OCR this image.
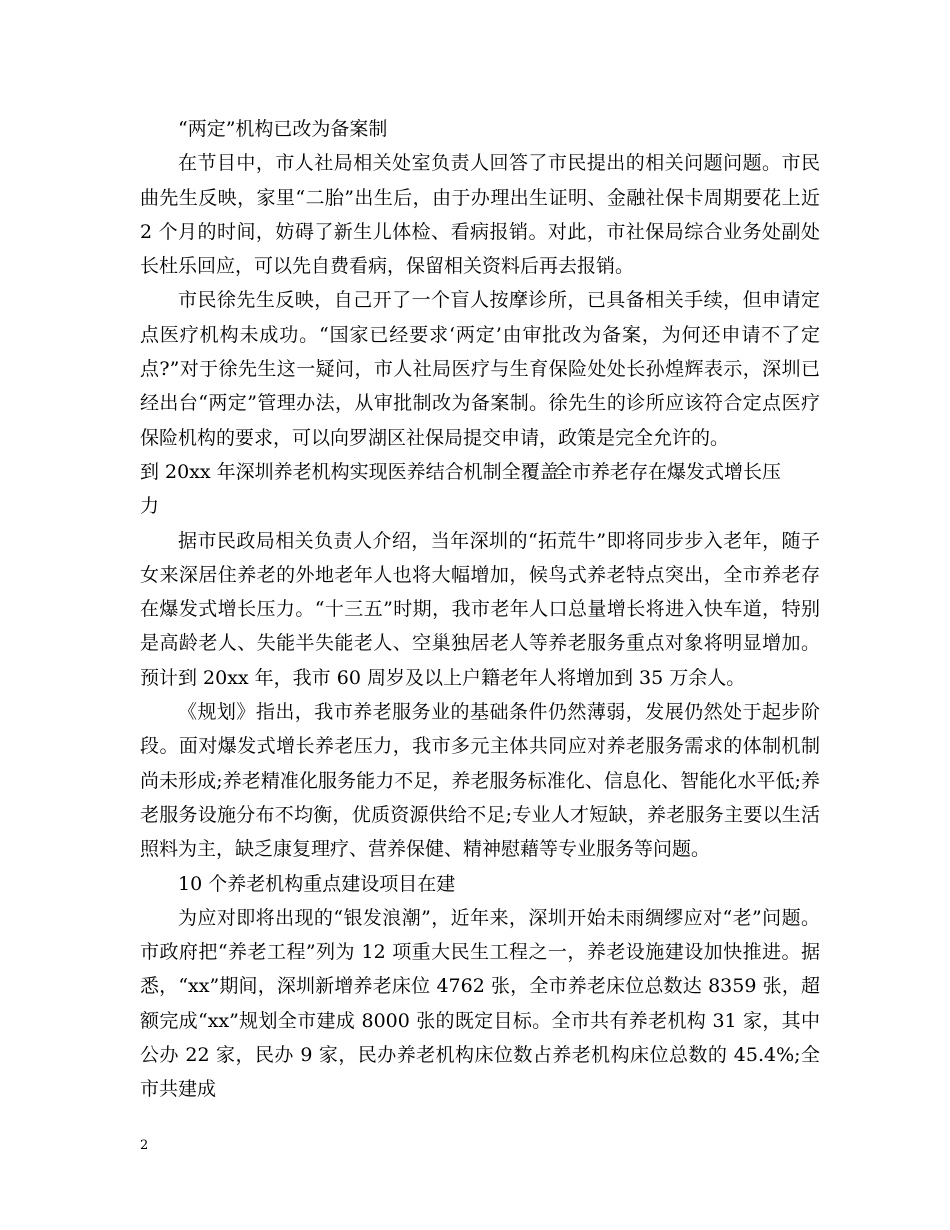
“两定”机构已改为备案制

在节目中，市人社局相关处室负责人回答了市民提出的相关问题问题。市民曲先生反映，家里“二胎”出生后，由于办理出生证明、金融社保卡周期要花上近 2 个月的时间，妨碍了新生儿体检、看病报销。对此，市社保局综合业务处副处长杜乐回应，可以先自费看病，保留相关资料后再去报销。

市民徐先生反映，自己开了一个盲人按摩诊所，已具备相关手续，但申请定点医疗机构未成功。“国家已经要求‘两定’由审批改为备案，为何还申请不了定点?”对于徐先生这一疑问，市人社局医疗与生育保险处处长孙煌辉表示，深圳已经出台“两定”管理办法，从审批制改为备案制。徐先生的诊所应该符合定点医疗保险机构的要求，可以向罗湖区社保局提交申请，政策是完全允许的。

到 20xx 年深圳养老机构实现医养结合机制全覆盖
全市养老存在爆发式增长压

力

据市民政局相关负责人介绍，当年深圳的“拓荒牛”即将同步步入老年，随子女来深居住养老的外地老年人也将大幅增加，候鸟式养老特点突出，全市养老存在爆发式增长压力。“十三五”时期，我市老年人口总量增长将进入快车道，特别是高龄老人、失能半失能老人、空巢独居老人等养老服务重点对象将明显增加。预计到 20xx 年，我市 60 周岁及以上户籍老年人将增加到 35 万余人。

《规划》指出，我市养老服务业的基础条件仍然薄弱，发展仍然处于起步阶段。面对爆发式增长养老压力，我市多元主体共同应对养老服务需求的体制机制尚未形成;养老精准化服务能力不足，养老服务标准化、信息化、智能化水平低;养老服务设施分布不均衡，优质资源供给不足;专业人才短缺，养老服务主要以生活照料为主，缺乏康复理疗、营养保健、精神慰藉等专业服务等问题。

10 个养老机构重点建设项目在建

为应对即将出现的“银发浪潮”，近年来，深圳开始未雨绸缪应对“老”问题。市政府把“养老工程”列为 12 项重大民生工程之一，养老设施建设加快推进。据悉，“xx”期间，深圳新增养老床位 4762 张，全市养老床位总数达 8359 张，超额完成“xx”规划全市建成 8000 张的既定目标。全市共有养老机构 31 家，其中公办 22 家，民办 9 家，民办养老机构床位数占养老机构床位总数的 45.4%;全市共建成

2
